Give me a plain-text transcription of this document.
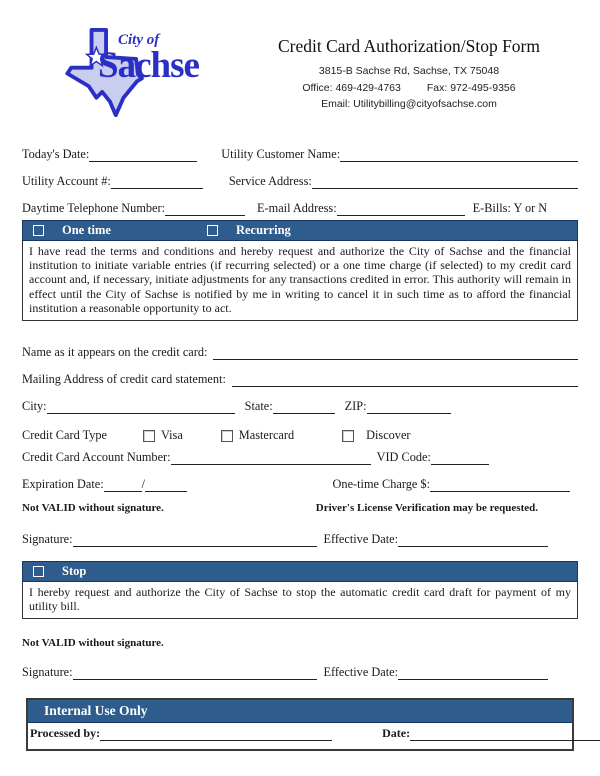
City of
Sachse	Credit Card Authorization/Stop Form
3815-B Sachse Rd, Sachse, TX 75048
Office: 469-429-4763 Fax: 972-495-9356
Email: Utilitybilling@cityofsachse.com
Today's Date:	Utility Customer Name:
Utility Account #:	Service Address:
Daytime Telephone Number:	E-mail Address:	E-Bills: Y or N
One time	Recurring
I have read the terms and conditions and hereby request and authorize the City of Sachse and the financial institution to initiate variable entries (if recurring selected) or a one time charge (if selected) to my credit card account and, if necessary, initiate adjustments for any transactions credited in error. This authority will remain in effect until the City of Sachse is notified by me in writing to cancel it in such time as to afford the financial institution a reasonable opportunity to act.
Name as it appears on the credit card:
Mailing Address of credit card statement:
City:	State:	ZIP:
Credit Card Type	Visa	Mastercard	Discover
Credit Card Account Number:	VID Code:
Expiration Date:	/	One-time Charge $:
Not VALID without signature.	Driver's License Verification may be requested.
Signature:	Effective Date:
Stop
I hereby request and authorize the City of Sachse to stop the automatic credit card draft for payment of my utility bill.
Not VALID without signature.
Signature:	Effective Date:
Internal Use Only
Processed by:	Date:
